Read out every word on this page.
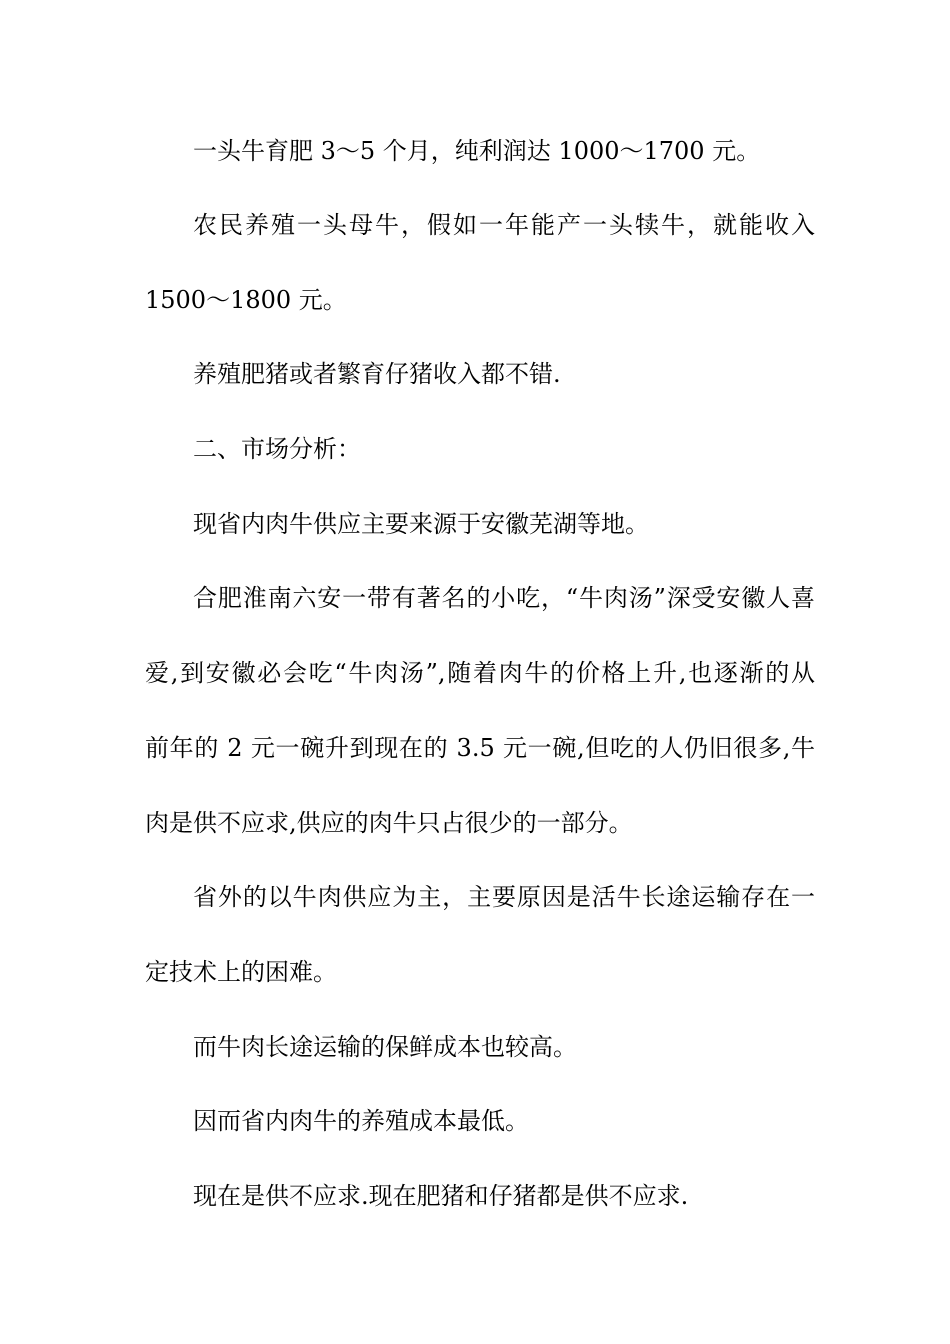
一头牛育肥 3～5 个月，纯利润达 1000～1700 元。
农民养殖一头母牛，假如一年能产一头犊牛，就能收入
1500～1800 元。
养殖肥猪或者繁育仔猪收入都不错.
二、市场分析：
现省内肉牛供应主要来源于安徽芜湖等地。
合肥淮南六安一带有著名的小吃，“牛肉汤”深受安徽人喜
爱,到安徽必会吃“牛肉汤”,随着肉牛的价格上升,也逐渐的从
前年的 2 元一碗升到现在的 3.5 元一碗,但吃的人仍旧很多,牛
肉是供不应求,供应的肉牛只占很少的一部分。
省外的以牛肉供应为主，主要原因是活牛长途运输存在一
定技术上的困难。
而牛肉长途运输的保鲜成本也较高。
因而省内肉牛的养殖成本最低。
现在是供不应求.现在肥猪和仔猪都是供不应求.
